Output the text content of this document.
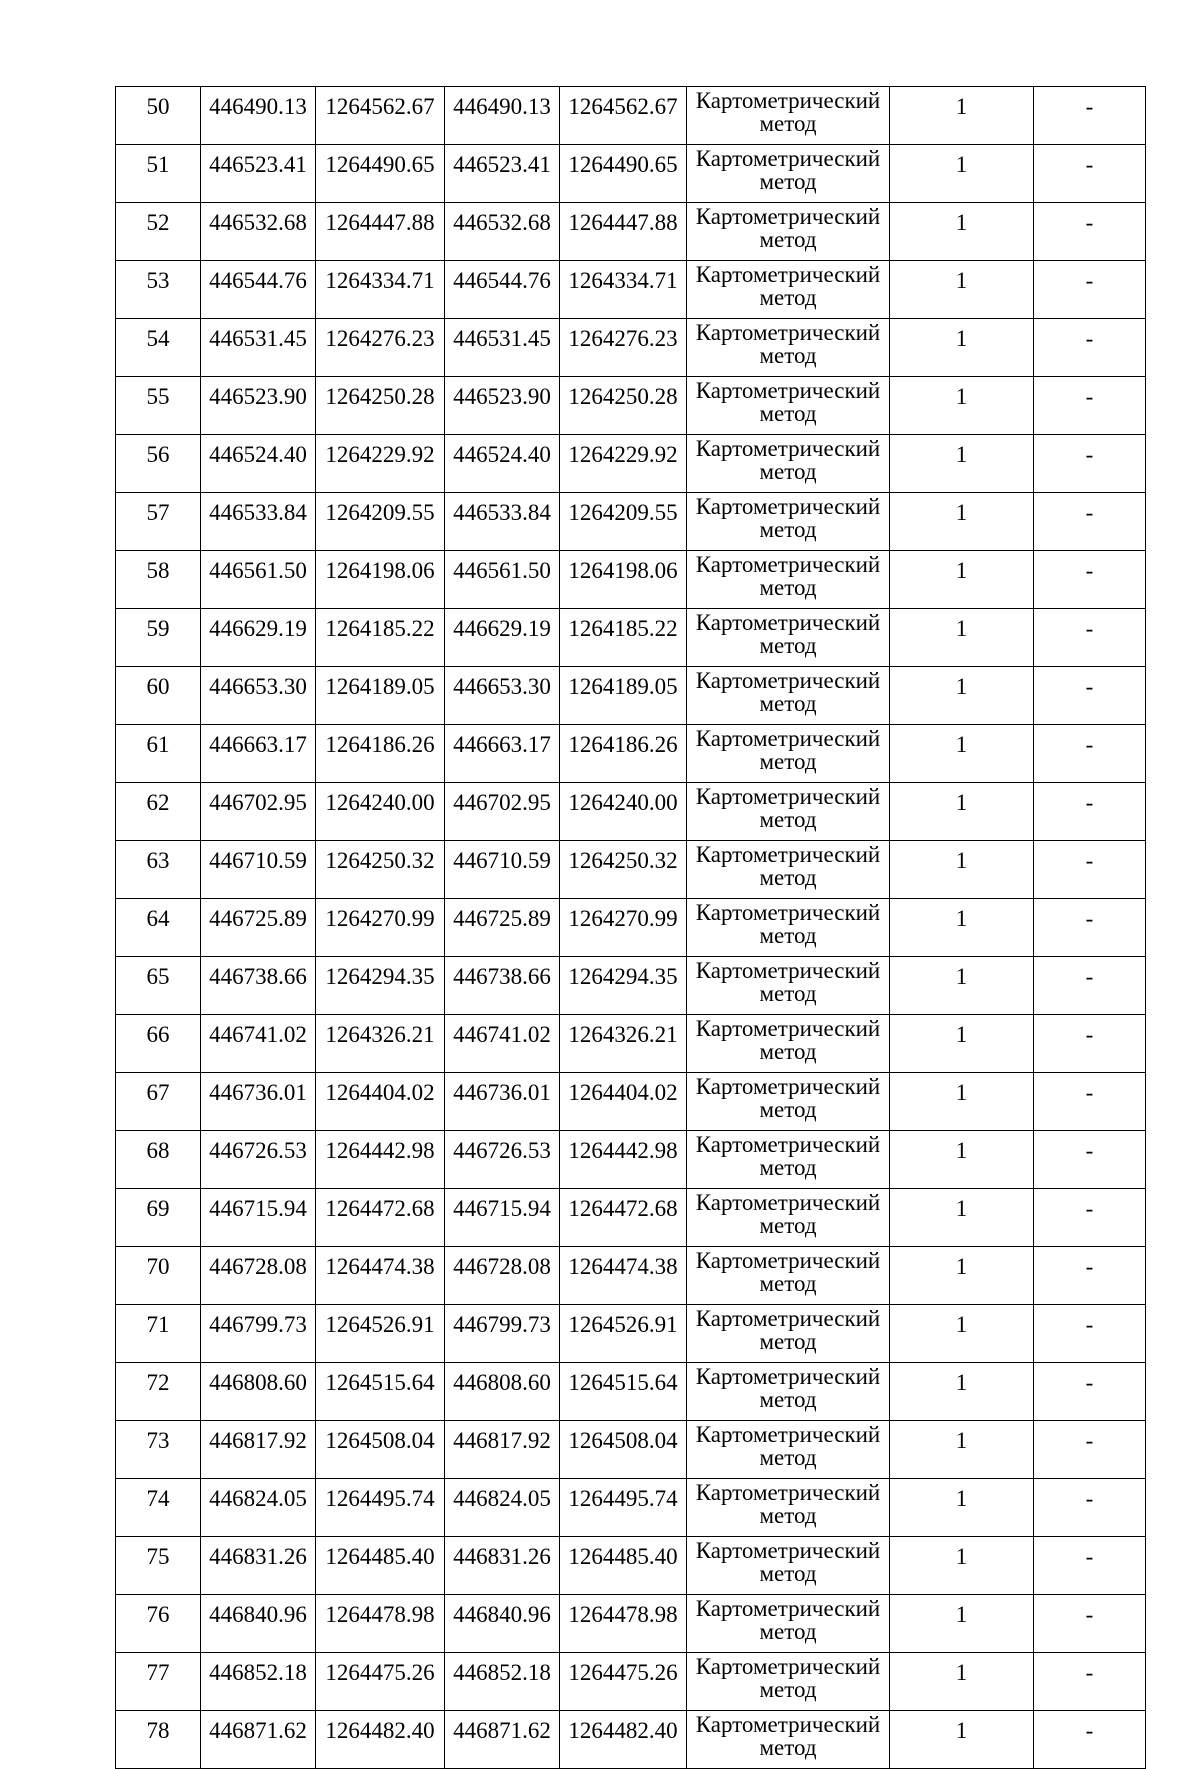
50	446490.13	1264562.67	446490.13	1264562.67	Картометрический
метод	1	-
51	446523.41	1264490.65	446523.41	1264490.65	Картометрический
метод	1	-
52	446532.68	1264447.88	446532.68	1264447.88	Картометрический
метод	1	-
53	446544.76	1264334.71	446544.76	1264334.71	Картометрический
метод	1	-
54	446531.45	1264276.23	446531.45	1264276.23	Картометрический
метод	1	-
55	446523.90	1264250.28	446523.90	1264250.28	Картометрический
метод	1	-
56	446524.40	1264229.92	446524.40	1264229.92	Картометрический
метод	1	-
57	446533.84	1264209.55	446533.84	1264209.55	Картометрический
метод	1	-
58	446561.50	1264198.06	446561.50	1264198.06	Картометрический
метод	1	-
59	446629.19	1264185.22	446629.19	1264185.22	Картометрический
метод	1	-
60	446653.30	1264189.05	446653.30	1264189.05	Картометрический
метод	1	-
61	446663.17	1264186.26	446663.17	1264186.26	Картометрический
метод	1	-
62	446702.95	1264240.00	446702.95	1264240.00	Картометрический
метод	1	-
63	446710.59	1264250.32	446710.59	1264250.32	Картометрический
метод	1	-
64	446725.89	1264270.99	446725.89	1264270.99	Картометрический
метод	1	-
65	446738.66	1264294.35	446738.66	1264294.35	Картометрический
метод	1	-
66	446741.02	1264326.21	446741.02	1264326.21	Картометрический
метод	1	-
67	446736.01	1264404.02	446736.01	1264404.02	Картометрический
метод	1	-
68	446726.53	1264442.98	446726.53	1264442.98	Картометрический
метод	1	-
69	446715.94	1264472.68	446715.94	1264472.68	Картометрический
метод	1	-
70	446728.08	1264474.38	446728.08	1264474.38	Картометрический
метод	1	-
71	446799.73	1264526.91	446799.73	1264526.91	Картометрический
метод	1	-
72	446808.60	1264515.64	446808.60	1264515.64	Картометрический
метод	1	-
73	446817.92	1264508.04	446817.92	1264508.04	Картометрический
метод	1	-
74	446824.05	1264495.74	446824.05	1264495.74	Картометрический
метод	1	-
75	446831.26	1264485.40	446831.26	1264485.40	Картометрический
метод	1	-
76	446840.96	1264478.98	446840.96	1264478.98	Картометрический
метод	1	-
77	446852.18	1264475.26	446852.18	1264475.26	Картометрический
метод	1	-
78	446871.62	1264482.40	446871.62	1264482.40	Картометрический
метод	1	-
